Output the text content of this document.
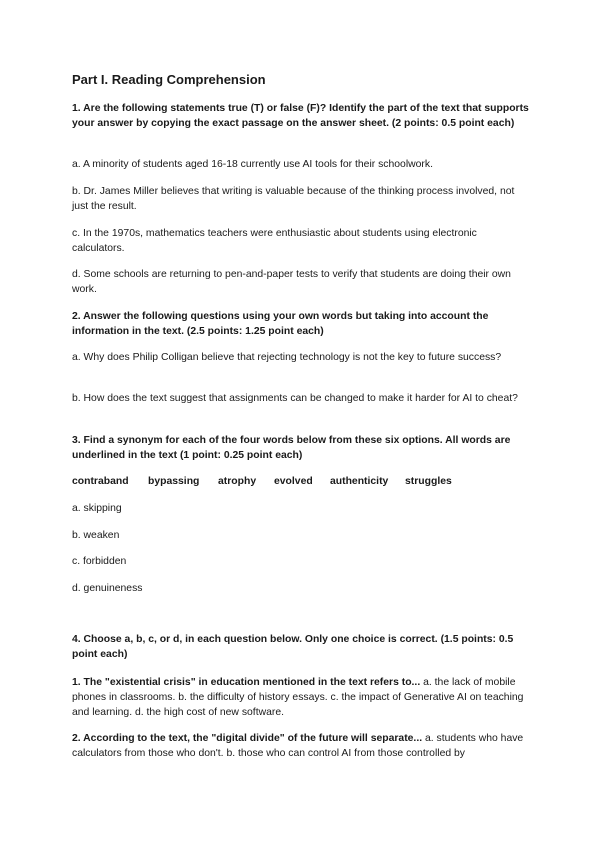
Part I. Reading Comprehension

1. Are the following statements true (T) or false (F)? Identify the part of the text that supports your answer by copying the exact passage on the answer sheet. (2 points: 0.5 point each)

a. A minority of students aged 16-18 currently use AI tools for their schoolwork.

b. Dr. James Miller believes that writing is valuable because of the thinking process involved, not just the result.

c. In the 1970s, mathematics teachers were enthusiastic about students using electronic calculators.

d. Some schools are returning to pen-and-paper tests to verify that students are doing their own work.

2. Answer the following questions using your own words but taking into account the information in the text. (2.5 points: 1.25 point each)

a. Why does Philip Colligan believe that rejecting technology is not the key to future success?

b. How does the text suggest that assignments can be changed to make it harder for AI to cheat?

3. Find a synonym for each of the four words below from these six options. All words are underlined in the text (1 point: 0.25 point each)

contraband bypassing atrophy evolved authenticity struggles

a. skipping

b. weaken

c. forbidden

d. genuineness

4. Choose a, b, c, or d, in each question below. Only one choice is correct. (1.5 points: 0.5 point each)

1. The "existential crisis" in education mentioned in the text refers to... a. the lack of mobile phones in classrooms. b. the difficulty of history essays. c. the impact of Generative AI on teaching and learning. d. the high cost of new software.

2. According to the text, the "digital divide" of the future will separate... a. students who have calculators from those who don't. b. those who can control AI from those controlled by
